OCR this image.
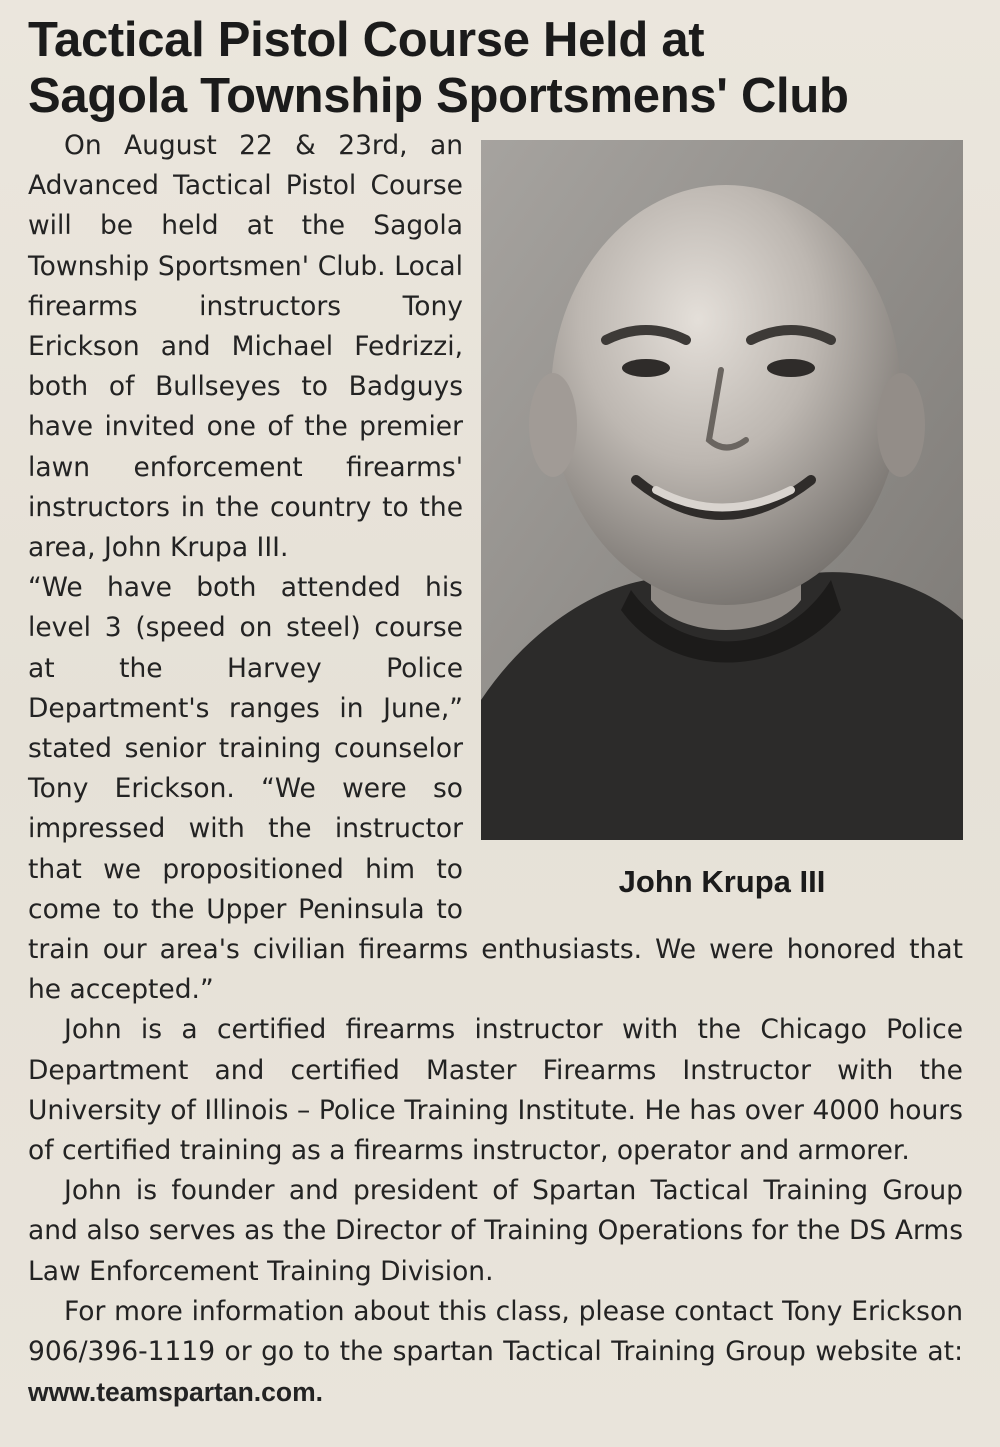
Tactical Pistol Course Held at
Sagola Township Sportsmens' Club
John Krupa III

On August 22 & 23rd, an Advanced Tactical Pistol Course will be held at the Sagola Township Sportsmen' Club. Local firearms instructors Tony Erickson and Michael Fedrizzi, both of Bullseyes to Badguys have invited one of the premier lawn enforcement firearms' instructors in the country to the area, John Krupa III.

“We have both attended his level 3 (speed on steel) course at the Harvey Police Department's ranges in June,” stated senior training counselor Tony Erickson. “We were so impressed with the instructor that we propositioned him to come to the Upper Peninsula to train our area's civilian firearms enthusiasts. We were honored that he accepted.”

John is a certified firearms instructor with the Chicago Police Department and certified Master Firearms Instructor with the University of Illinois – Police Training Institute. He has over 4000 hours of certified training as a firearms instructor, operator and armorer.

John is founder and president of Spartan Tactical Training Group and also serves as the Director of Training Operations for the DS Arms Law Enforcement Training Division.

For more information about this class, please contact Tony Erickson 906/396-1119 or go to the spartan Tactical Training Group website at: www.teamspartan.com.
